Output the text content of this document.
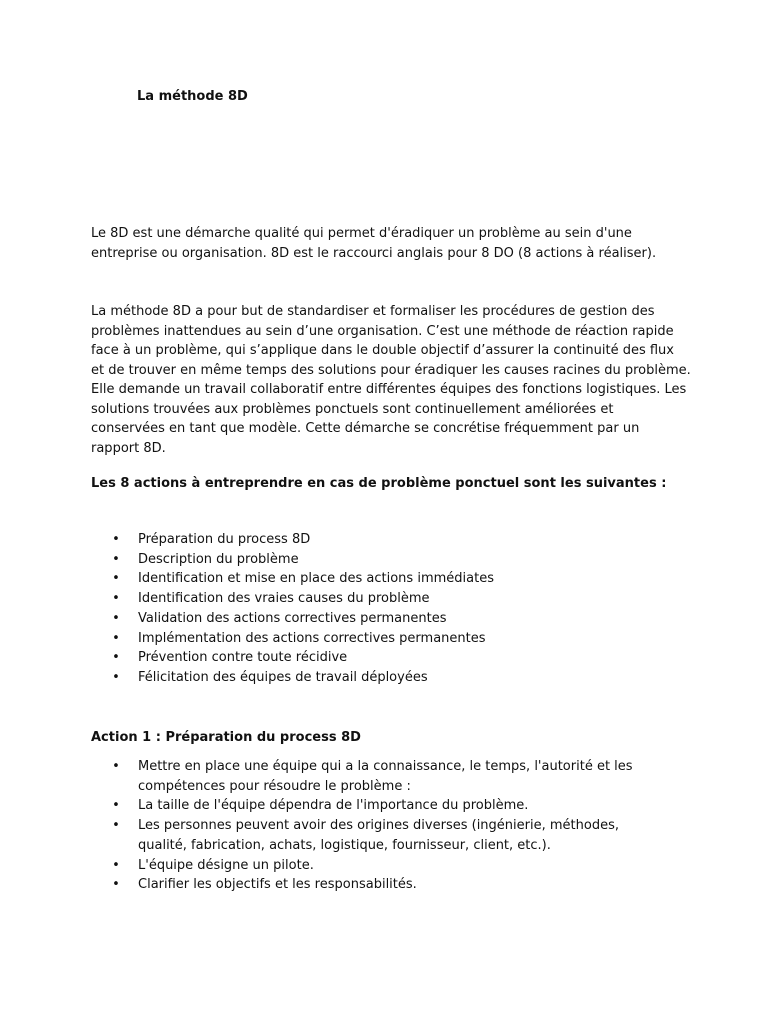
La méthode 8D

Le 8D est une démarche qualité qui permet d'éradiquer un problème au sein d'une entreprise ou organisation. 8D est le raccourci anglais pour 8 DO (8 actions à réaliser).

La méthode 8D a pour but de standardiser et formaliser les procédures de gestion des problèmes inattendues au sein d’une organisation. C’est une méthode de réaction rapide face à un problème, qui s’applique dans le double objectif d’assurer la continuité des flux et de trouver en même temps des solutions pour éradiquer les causes racines du problème. Elle demande un travail collaboratif entre différentes équipes des fonctions logistiques. Les solutions trouvées aux problèmes ponctuels sont continuellement améliorées et conservées en tant que modèle. Cette démarche se concrétise fréquemment par un rapport 8D.

Les 8 actions à entreprendre en cas de problème ponctuel sont les suivantes :
• Préparation du process 8D
• Description du problème
• Identification et mise en place des actions immédiates
• Identification des vraies causes du problème
• Validation des actions correctives permanentes
• Implémentation des actions correctives permanentes
• Prévention contre toute récidive
• Félicitation des équipes de travail déployées
Action 1 : Préparation du process 8D
• Mettre en place une équipe qui a la connaissance, le temps, l'autorité et les compétences pour résoudre le problème :
• La taille de l'équipe dépendra de l'importance du problème.
• Les personnes peuvent avoir des origines diverses (ingénierie, méthodes, qualité, fabrication, achats, logistique, fournisseur, client, etc.).
• L'équipe désigne un pilote.
• Clarifier les objectifs et les responsabilités.
